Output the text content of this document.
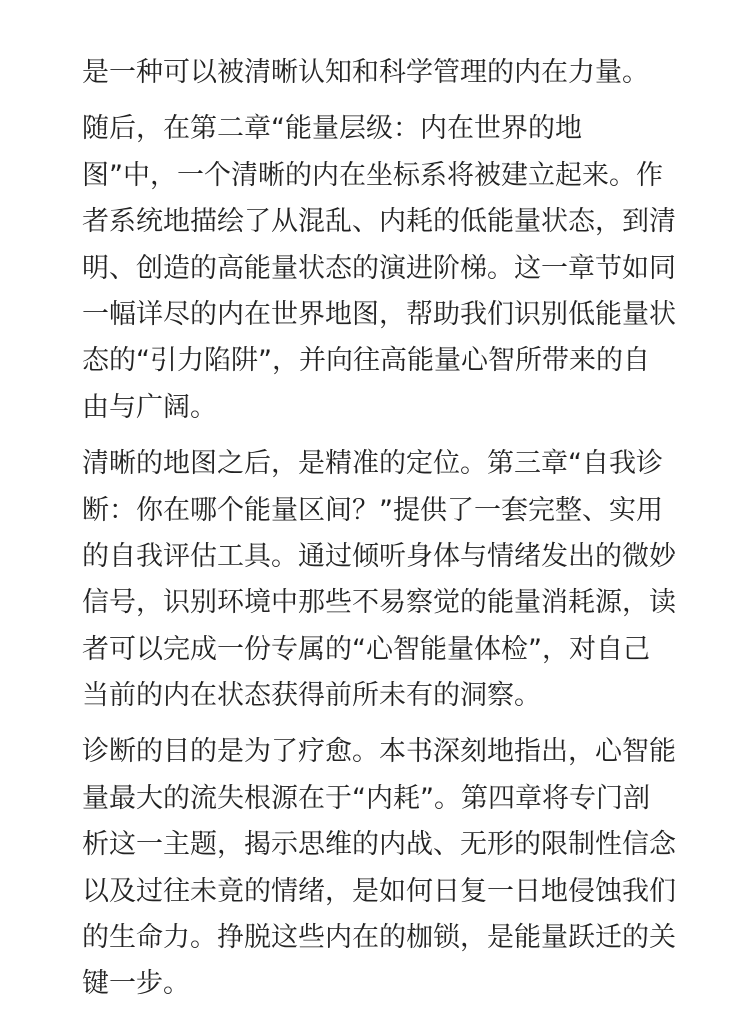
是一种可以被清晰认知和科学管理的内在力量。
随后，在第二章“能量层级：内在世界的地
图”中，一个清晰的内在坐标系将被建立起来。作
者系统地描绘了从混乱、内耗的低能量状态，到清
明、创造的高能量状态的演进阶梯。这一章节如同
一幅详尽的内在世界地图，帮助我们识别低能量状
态的“引力陷阱”，并向往高能量心智所带来的自
由与广阔。
清晰的地图之后，是精准的定位。第三章“自我诊
断：你在哪个能量区间？”提供了一套完整、实用
的自我评估工具。通过倾听身体与情绪发出的微妙
信号，识别环境中那些不易察觉的能量消耗源，读
者可以完成一份专属的“心智能量体检”，对自己
当前的内在状态获得前所未有的洞察。
诊断的目的是为了疗愈。本书深刻地指出，心智能
量最大的流失根源在于“内耗”。第四章将专门剖
析这一主题，揭示思维的内战、无形的限制性信念
以及过往未竟的情绪，是如何日复一日地侵蚀我们
的生命力。挣脱这些内在的枷锁，是能量跃迁的关
键一步。
